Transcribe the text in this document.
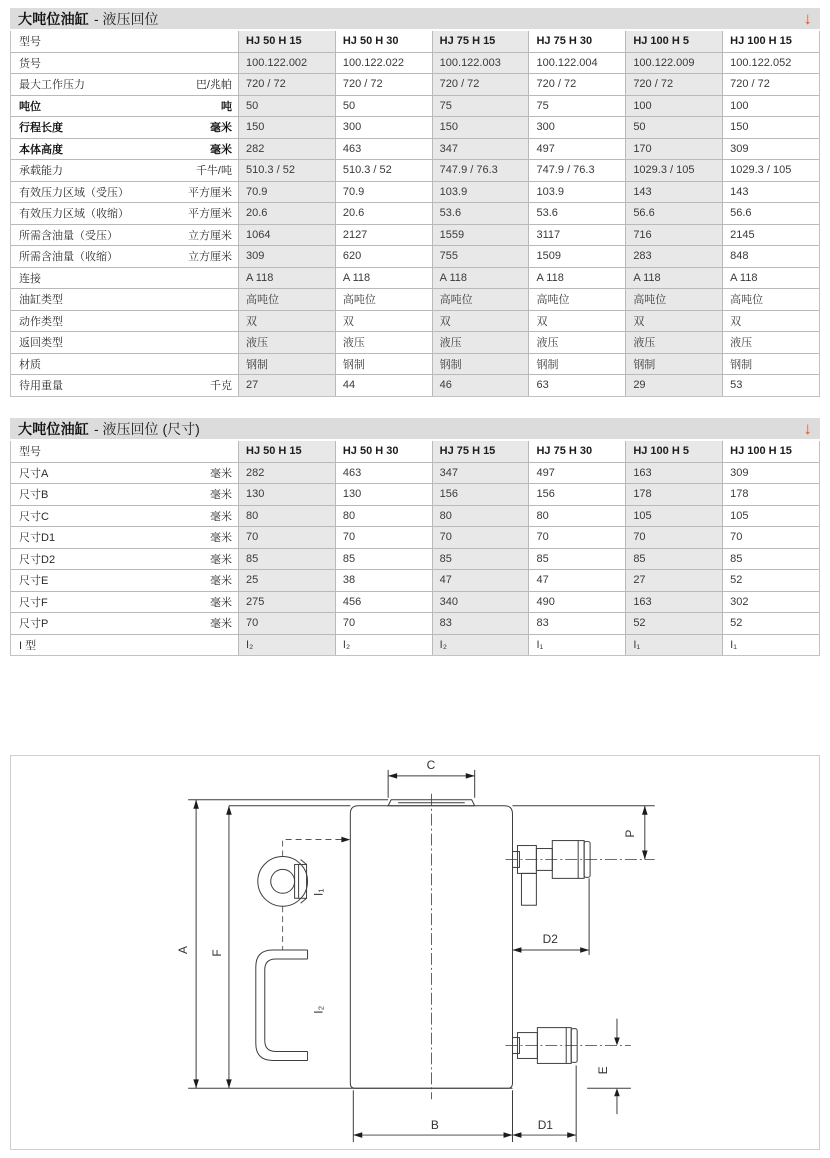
大吨位油缸 - 液压回位	↓
型号	HJ 50 H 15	HJ 50 H 30	HJ 75 H 15	HJ 75 H 30	HJ 100 H 5	HJ 100 H 15
货号	100.122.002	100.122.022	100.122.003	100.122.004	100.122.009	100.122.052
最大工作压力	巴/兆帕	720 / 72	720 / 72	720 / 72	720 / 72	720 / 72	720 / 72
吨位	吨	50	50	75	75	100	100
行程长度	毫米	150	300	150	300	50	150
本体高度	毫米	282	463	347	497	170	309
承载能力	千牛/吨	510.3 / 52	510.3 / 52	747.9 / 76.3	747.9 / 76.3	1029.3 / 105	1029.3 / 105
有效压力区域（受压）	平方厘米	70.9	70.9	103.9	103.9	143	143
有效压力区域（收缩）	平方厘米	20.6	20.6	53.6	53.6	56.6	56.6
所需含油量（受压）	立方厘米	1064	2127	1559	3117	716	2145
所需含油量（收缩）	立方厘米	309	620	755	1509	283	848
连接	A 118	A 118	A 118	A 118	A 118	A 118
油缸类型	高吨位	高吨位	高吨位	高吨位	高吨位	高吨位
动作类型	双	双	双	双	双	双
返回类型	液压	液压	液压	液压	液压	液压
材质	钢制	钢制	钢制	钢制	钢制	钢制
待用重量	千克	27	44	46	63	29	53
大吨位油缸 - 液压回位 (尺寸)	↓
型号	HJ 50 H 15	HJ 50 H 30	HJ 75 H 15	HJ 75 H 30	HJ 100 H 5	HJ 100 H 15
尺寸A	毫米	282	463	347	497	163	309
尺寸B	毫米	130	130	156	156	178	178
尺寸C	毫米	80	80	80	80	105	105
尺寸D1	毫米	70	70	70	70	70	70
尺寸D2	毫米	85	85	85	85	85	85
尺寸E	毫米	25	38	47	47	27	52
尺寸F	毫米	275	456	340	490	163	302
尺寸P	毫米	70	70	83	83	52	52
I 型	I₂	I₂	I₂	I₁	I₁	I₁
C
A F
I₁
I₂
P
D2
E
B	D1
